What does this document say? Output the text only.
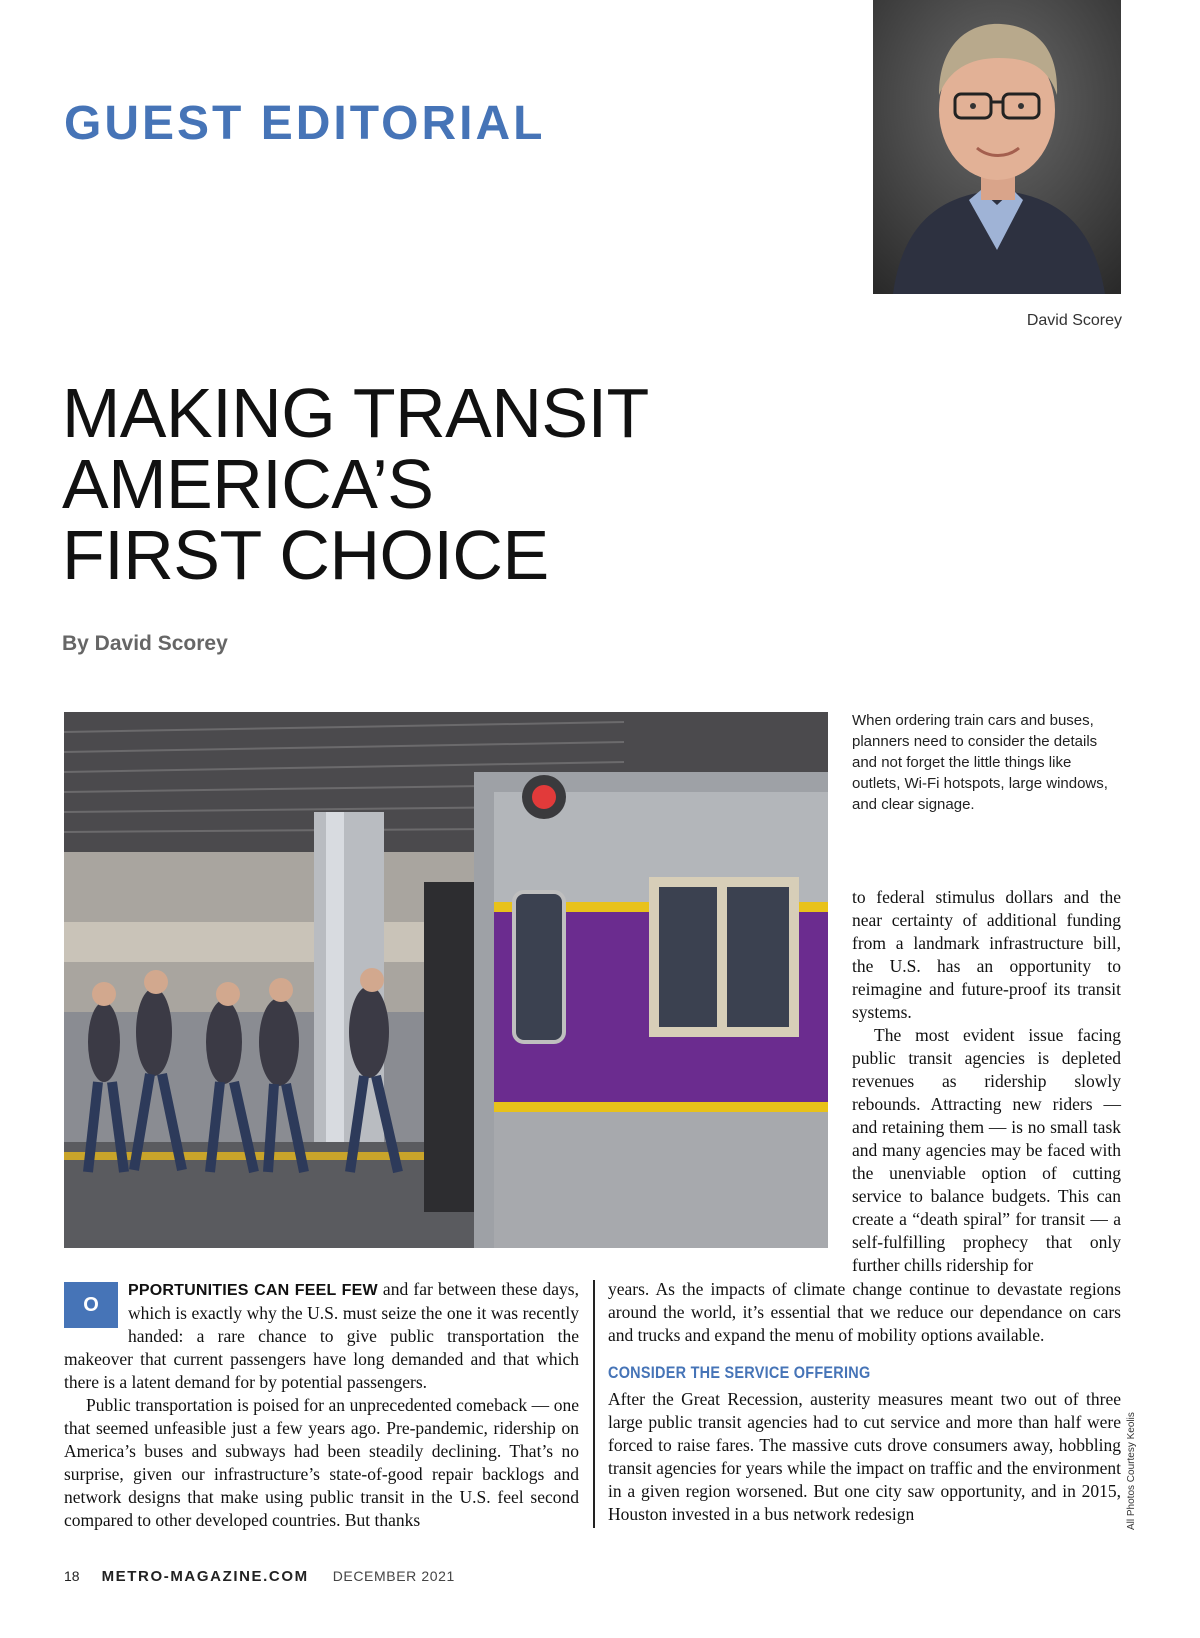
GUEST EDITORIAL
David Scorey
MAKING TRANSIT
AMERICA’S
FIRST CHOICE
By David Scorey
When ordering train cars and buses, planners need to consider the details and not forget the little things like outlets, Wi-Fi hotspots, large windows, and clear signage.

to federal stimulus dollars and the near certainty of additional funding from a landmark infrastructure bill, the U.S. has an opportunity to reimagine and future-proof its transit systems.

The most evident issue facing public transit agencies is depleted revenues as ridership slowly rebounds. Attracting new riders — and retaining them — is no small task and many agencies may be faced with the unenviable option of cutting service to balance budgets. This can create a “death spiral” for transit — a self-fulfilling prophecy that only further chills ridership for

O
PPORTUNITIES CAN FEEL FEW and far between these days, which is exactly why the U.S. must seize the one it was recently handed: a rare chance to give public transportation the makeover that current passengers have long demanded and that which there is a latent demand for by potential passengers.

Public transportation is poised for an unprecedented comeback — one that seemed unfeasible just a few years ago. Pre-pandemic, ridership on America’s buses and subways had been steadily declining. That’s no surprise, given our infrastructure’s state-of-good repair backlogs and network designs that make using public transit in the U.S. feel second compared to other developed countries. But thanks

years. As the impacts of climate change continue to devastate regions around the world, it’s essential that we reduce our dependance on cars and trucks and expand the menu of mobility options available.

CONSIDER THE SERVICE OFFERING

After the Great Recession, austerity measures meant two out of three large public transit agencies had to cut service and more than half were forced to raise fares. The massive cuts drove consumers away, hobbling transit agencies for years while the impact on traffic and the environment in a given region worsened. But one city saw opportunity, and in 2015, Houston invested in a bus network redesign	All Photos Courtesy Keolis
18 METRO-MAGAZINE.COM DECEMBER 2021
